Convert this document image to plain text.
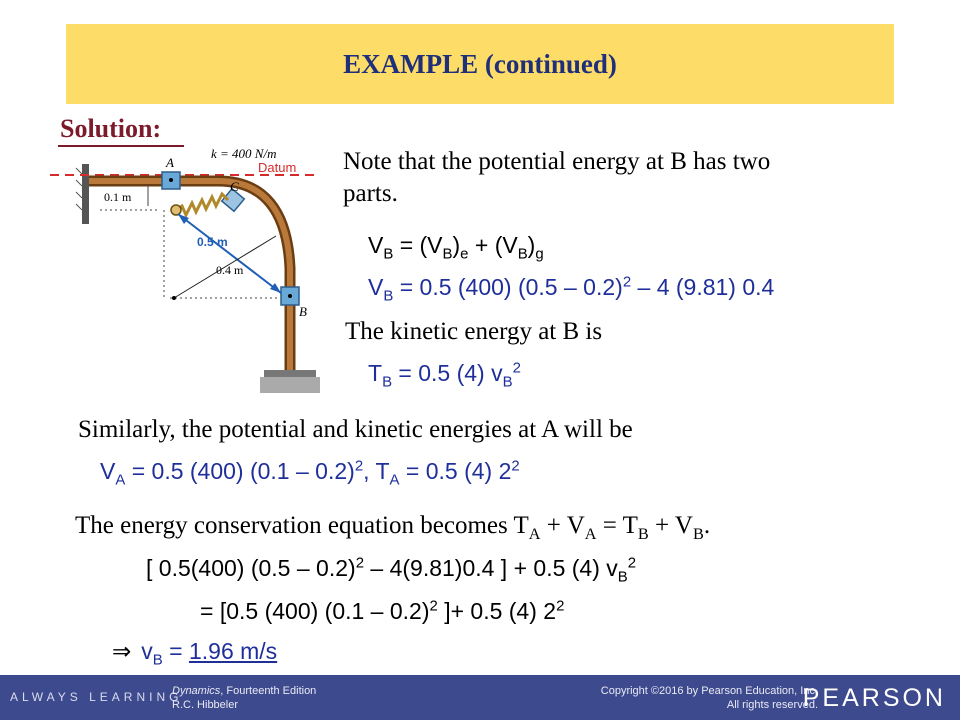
EXAMPLE (continued)
Solution:
k = 400 N/m
A
C
B
Datum
0.1 m
0.5 m
0.4 m
Note that the potential energy at B has two
parts.
$V_B = (V_B)_e + (V_B)_g$
$V_B = 0.5$ (400) (0.5 – 0.2)$^2$ – 4 (9.81) 0.4
The kinetic energy at B is
$T_B = 0.5$ (4) $v_B^2$
Similarly, the potential and kinetic energies at A will be
$V_A = 0.5$ (400) (0.1 – 0.2)$^2$, $T_A = 0.5$ (4) $2^2$
The energy conservation equation becomes $T_A + V_A = T_B + V_B$.
[ 0.5(400) (0.5 – 0.2)$^2$ – 4(9.81)0.4 ] + 0.5 (4) $v_B^2$
= [0.5 (400) (0.1 – 0.2)$^2$ ]+ 0.5 (4) $2^2$
⇒ $v_B = 1.96$ m/s
ALWAYS LEARNING
Dynamics, Fourteenth Edition
R.C. Hibbeler
Copyright ©2016 by Pearson Education, Inc.
All rights reserved.
PEARSON
